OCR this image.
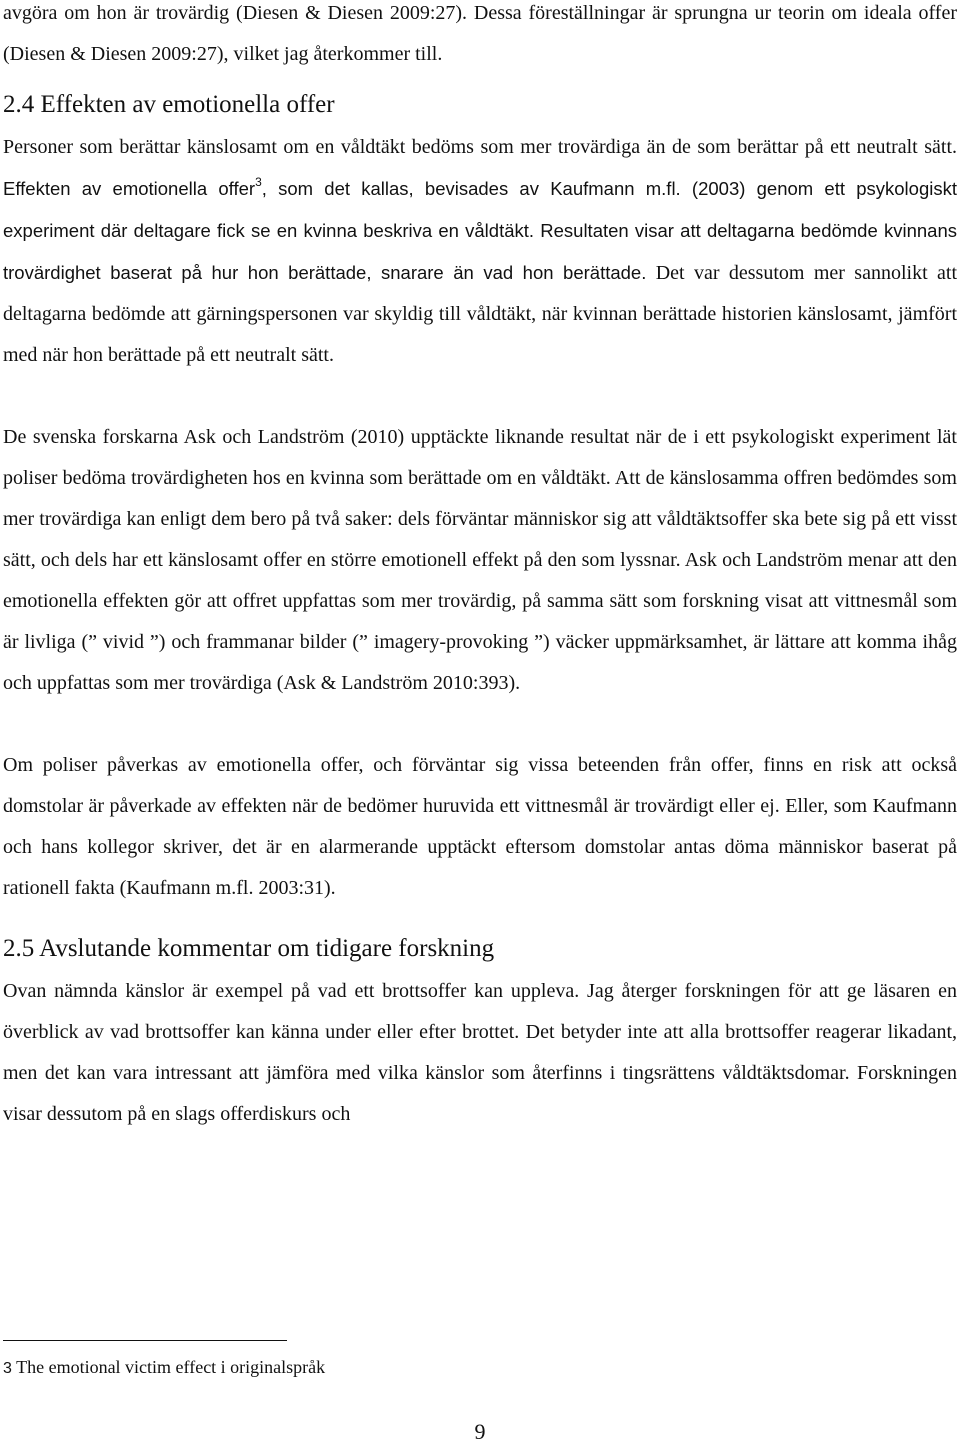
avgöra om hon är trovärdig (Diesen & Diesen 2009:27). Dessa föreställningar är sprungna ur teorin om ideala offer (Diesen & Diesen 2009:27), vilket jag återkommer till.

2.4 Effekten av emotionella offer

Personer som berättar känslosamt om en våldtäkt bedöms som mer trovärdiga än de som berättar på ett neutralt sätt. Effekten av emotionella offer$^3$, som det kallas, bevisades av Kaufmann m.fl. (2003) genom ett psykologiskt experiment där deltagare fick se en kvinna beskriva en våldtäkt. Resultaten visar att deltagarna bedömde kvinnans trovärdighet baserat på hur hon berättade, snarare än vad hon berättade. Det var dessutom mer sannolikt att deltagarna bedömde att gärningspersonen var skyldig till våldtäkt, när kvinnan berättade historien känslosamt, jämfört med när hon berättade på ett neutralt sätt.

De svenska forskarna Ask och Landström (2010) upptäckte liknande resultat när de i ett psykologiskt experiment lät poliser bedöma trovärdigheten hos en kvinna som berättade om en våldtäkt. Att de känslosamma offren bedömdes som mer trovärdiga kan enligt dem bero på två saker: dels förväntar människor sig att våldtäktsoffer ska bete sig på ett visst sätt, och dels har ett känslosamt offer en större emotionell effekt på den som lyssnar. Ask och Landström menar att den emotionella effekten gör att offret uppfattas som mer trovärdig, på samma sätt som forskning visat att vittnesmål som är livliga (” vivid ”) och frammanar bilder (” imagery-provoking ”) väcker uppmärksamhet, är lättare att komma ihåg och uppfattas som mer trovärdiga (Ask & Landström 2010:393).

Om poliser påverkas av emotionella offer, och förväntar sig vissa beteenden från offer, finns en risk att också domstolar är påverkade av effekten när de bedömer huruvida ett vittnesmål är trovärdigt eller ej. Eller, som Kaufmann och hans kollegor skriver, det är en alarmerande upptäckt eftersom domstolar antas döma människor baserat på rationell fakta (Kaufmann m.fl. 2003:31).

2.5 Avslutande kommentar om tidigare forskning

Ovan nämnda känslor är exempel på vad ett brottsoffer kan uppleva. Jag återger forskningen för att ge läsaren en överblick av vad brottsoffer kan känna under eller efter brottet. Det betyder inte att alla brottsoffer reagerar likadant, men det kan vara intressant att jämföra med vilka känslor som återfinns i tingsrättens våldtäktsdomar. Forskningen visar dessutom på en slags offerdiskurs och

3 The emotional victim effect i originalspråk

9
